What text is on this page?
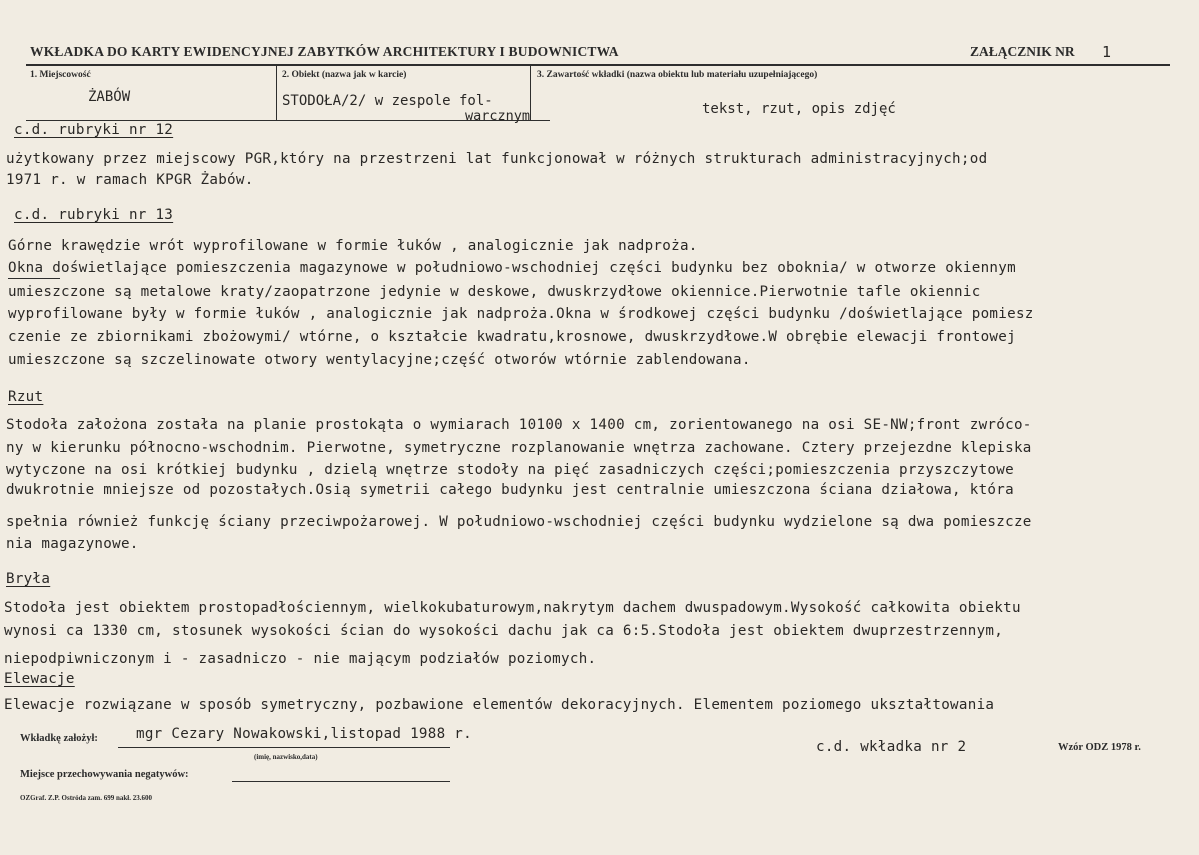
WKŁADKA DO KARTY EWIDENCYJNEJ ZABYTKÓW ARCHITEKTURY I BUDOWNICTWA	ZAŁĄCZNIK NR 1
1. Miejscowość
ŻABÓW
2. Obiekt (nazwa jak w karcie)
STODOŁA/2/ w zespole fol-
warcznym
3. Zawartość wkładki (nazwa obiektu lub materiału uzupełniającego)
tekst, rzut, opis zdjęć
c.d. rubryki nr 12
użytkowany przez miejscowy PGR,który na przestrzeni lat funkcjonował w różnych strukturach administracyjnych;od
1971 r. w ramach KPGR Żabów.
c.d. rubryki nr 13
Górne krawędzie wrót wyprofilowane w formie łuków , analogicznie jak nadproża.
Okna doświetlające pomieszczenia magazynowe w południowo-wschodniej części budynku bez oboknia/ w otworze okiennym
umieszczone są metalowe kraty/zaopatrzone jedynie w deskowe, dwuskrzydłowe okiennice.Pierwotnie tafle okiennic
wyprofilowane były w formie łuków , analogicznie jak nadproża.Okna w środkowej części budynku /doświetlające pomiesz
czenie ze zbiornikami zbożowymi/ wtórne, o kształcie kwadratu,krosnowe, dwuskrzydłowe.W obrębie elewacji frontowej
umieszczone są szczelinowate otwory wentylacyjne;część otworów wtórnie zablendowana.
Rzut
Stodoła założona została na planie prostokąta o wymiarach 10100 x 1400 cm, zorientowanego na osi SE-NW;front zwróco-
ny w kierunku północno-wschodnim. Pierwotne, symetryczne rozplanowanie wnętrza zachowane. Cztery przejezdne klepiska
wytyczone na osi krótkiej budynku , dzielą wnętrze stodoły na pięć zasadniczych części;pomieszczenia przyszczytowe
dwukrotnie mniejsze od pozostałych.Osią symetrii całego budynku jest centralnie umieszczona ściana działowa, która
spełnia również funkcję ściany przeciwpożarowej. W południowo-wschodniej części budynku wydzielone są dwa pomieszcze
nia magazynowe.
Bryła
Stodoła jest obiektem prostopadłościennym, wielkokubaturowym,nakrytym dachem dwuspadowym.Wysokość całkowita obiektu
wynosi ca 1330 cm, stosunek wysokości ścian do wysokości dachu jak ca 6:5.Stodoła jest obiektem dwuprzestrzennym,
niepodpiwniczonym i - zasadniczo - nie mającym podziałów poziomych.
Elewacje
Elewacje rozwiązane w sposób symetryczny, pozbawione elementów dekoracyjnych. Elementem poziomego ukształtowania
Wkładkę założył:	mgr Cezary Nowakowski,listopad 1988 r.
(imię, nazwisko,data)
c.d. wkładka nr 2	Wzór ODZ 1978 r.
Miejsce przechowywania negatywów:
OZGraf. Z.P. Ostróda zam. 699 nakł. 23.600
